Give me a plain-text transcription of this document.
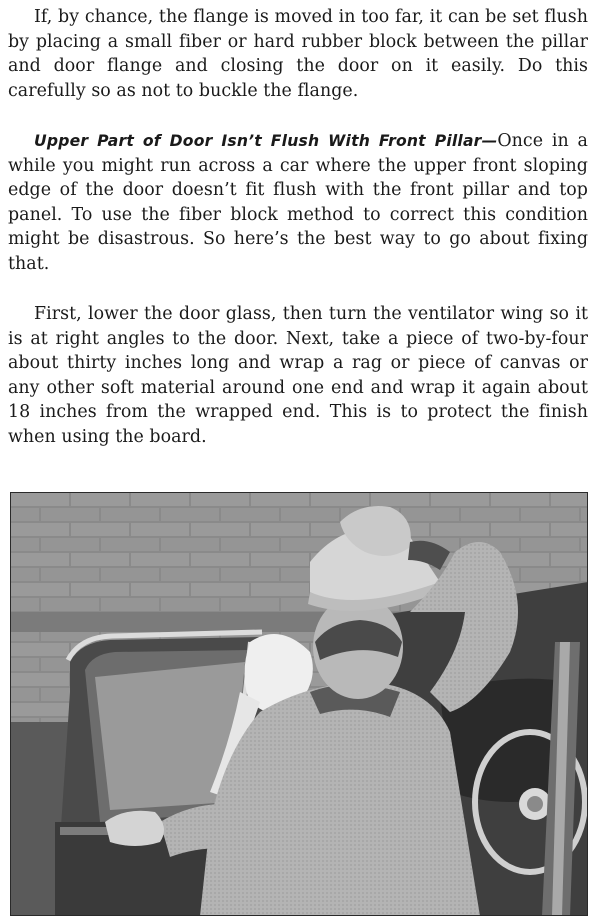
If, by chance, the flange is moved in too far, it can be set flush by placing a small fiber or hard rubber block between the pillar and door flange and closing the door on it easily. Do this carefully so as not to buckle the flange.

Upper Part of Door Isn’t Flush With Front Pillar—Once in a while you might run across a car where the upper front sloping edge of the door doesn’t fit flush with the front pillar and top panel. To use the fiber block method to correct this condition might be disastrous. So here’s the best way to go about fixing that.

First, lower the door glass, then turn the ventilator wing so it is at right angles to the door. Next, take a piece of two-by-four about thirty inches long and wrap a rag or piece of canvas or any other soft material around one end and wrap it again about 18 inches from the wrapped end. This is to protect the finish when using the board.
